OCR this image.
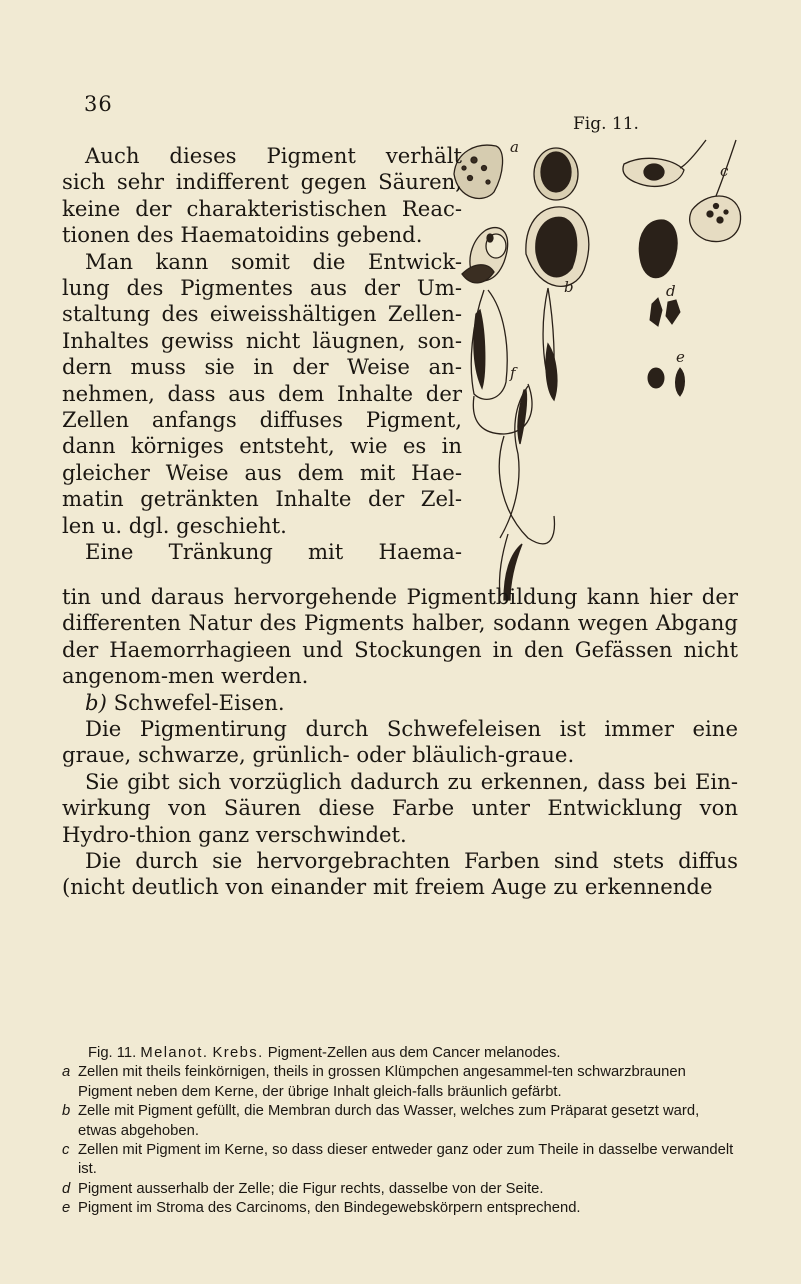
36
Fig. 11.
a
b
c
d
e
f

Auch dieses Pigment verhält

sich sehr indifferent gegen Säuren,

keine der charakteristischen Reac-

tionen des Haematoidins gebend.

Man kann somit die Entwick-

lung des Pigmentes aus der Um-

staltung des eiweisshältigen Zellen-

Inhaltes gewiss nicht läugnen, son-

dern muss sie in der Weise an-

nehmen, dass aus dem Inhalte der

Zellen anfangs diffuses Pigment,

dann körniges entsteht, wie es in

gleicher Weise aus dem mit Hae-

matin getränkten Inhalte der Zel-

len u. dgl. geschieht.

Eine Tränkung mit Haema-

tin und daraus hervorgehende Pigmentbildung kann hier der differenten Natur des Pigments halber, sodann wegen Abgang der Haemorrhagieen und Stockungen in den Gefässen nicht angenom-men werden.

b) Schwefel-Eisen.

Die Pigmentirung durch Schwefeleisen ist immer eine graue, schwarze, grünlich- oder bläulich-graue.

Sie gibt sich vorzüglich dadurch zu erkennen, dass bei Ein-wirkung von Säuren diese Farbe unter Entwicklung von Hydro-thion ganz verschwindet.

Die durch sie hervorgebrachten Farben sind stets diffus (nicht deutlich von einander mit freiem Auge zu erkennende

Fig. 11. Melanot. Krebs. Pigment-Zellen aus dem Cancer melanodes.

a Zellen mit theils feinkörnigen, theils in grossen Klümpchen angesammel-ten schwarzbraunen Pigment neben dem Kerne, der übrige Inhalt gleich-falls bräunlich gefärbt.

b Zelle mit Pigment gefüllt, die Membran durch das Wasser, welches zum Präparat gesetzt ward, etwas abgehoben.

c Zellen mit Pigment im Kerne, so dass dieser entweder ganz oder zum Theile in dasselbe verwandelt ist.

d Pigment ausserhalb der Zelle; die Figur rechts, dasselbe von der Seite.

e Pigment im Stroma des Carcinoms, den Bindegewebskörpern entsprechend.
